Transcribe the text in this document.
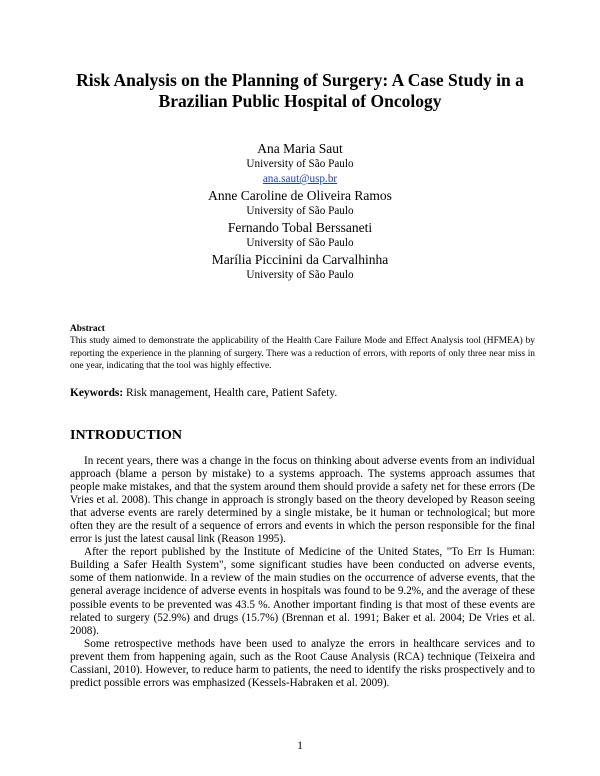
Risk Analysis on the Planning of Surgery: A Case Study in a Brazilian Public Hospital of Oncology
Ana Maria Saut
University of São Paulo
ana.saut@usp.br
Anne Caroline de Oliveira Ramos
University of São Paulo
Fernando Tobal Berssaneti
University of São Paulo
Marília Piccinini da Carvalhinha
University of São Paulo
Abstract
This study aimed to demonstrate the applicability of the Health Care Failure Mode and Effect Analysis tool (HFMEA) by reporting the experience in the planning of surgery. There was a reduction of errors, with reports of only three near miss in one year, indicating that the tool was highly effective.
Keywords: Risk management, Health care, Patient Safety.
INTRODUCTION

In recent years, there was a change in the focus on thinking about adverse events from an individual approach (blame a person by mistake) to a systems approach. The systems approach assumes that people make mistakes, and that the system around them should provide a safety net for these errors (De Vries et al. 2008). This change in approach is strongly based on the theory developed by Reason seeing that adverse events are rarely determined by a single mistake, be it human or technological; but more often they are the result of a sequence of errors and events in which the person responsible for the final error is just the latest causal link (Reason 1995).

After the report published by the Institute of Medicine of the United States, "To Err Is Human: Building a Safer Health System", some significant studies have been conducted on adverse events, some of them nationwide. In a review of the main studies on the occurrence of adverse events, that the general average incidence of adverse events in hospitals was found to be 9.2%, and the average of these possible events to be prevented was 43.5 %. Another important finding is that most of these events are related to surgery (52.9%) and drugs (15.7%) (Brennan et al. 1991; Baker et al. 2004; De Vries et al. 2008).

Some retrospective methods have been used to analyze the errors in healthcare services and to prevent them from happening again, such as the Root Cause Analysis (RCA) technique (Teixeira and Cassiani, 2010). However, to reduce harm to patients, the need to identify the risks prospectively and to predict possible errors was emphasized (Kessels-Habraken et al. 2009).

1
